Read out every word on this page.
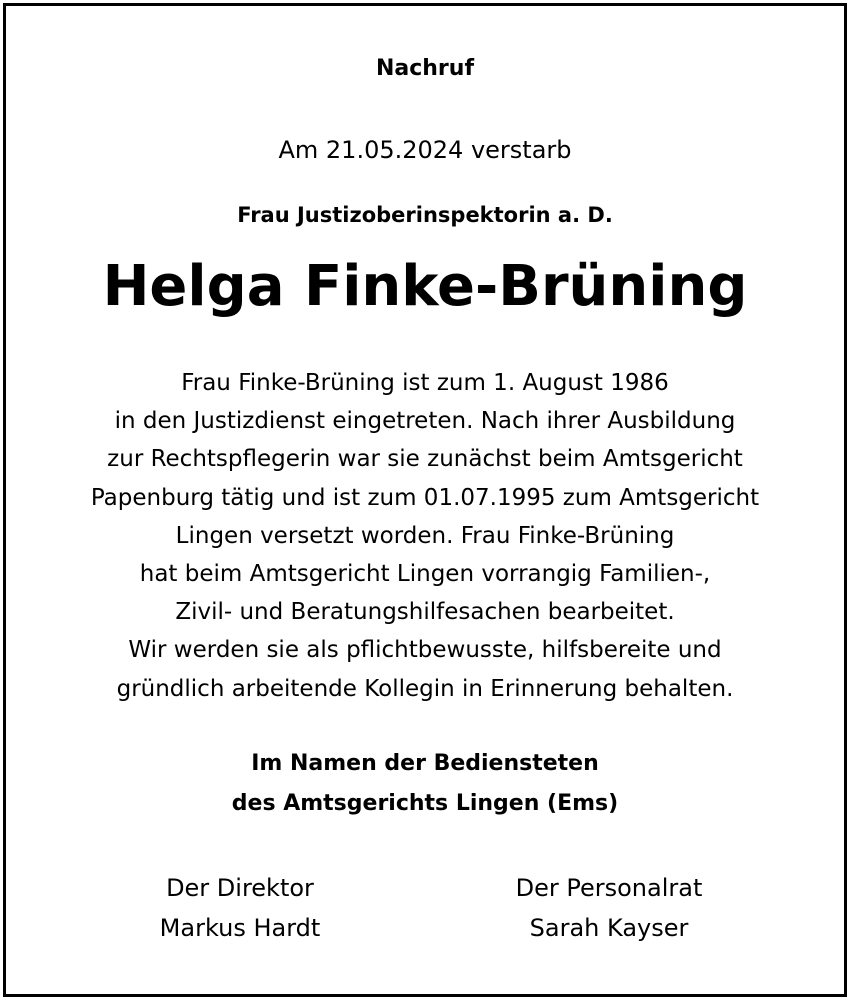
Nachruf
Am 21.05.2024 verstarb
Frau Justizoberinspektorin a. D.
Helga Finke-Brüning
Frau Finke-Brüning ist zum 1. August 1986
in den Justizdienst eingetreten. Nach ihrer Ausbildung
zur Rechtspflegerin war sie zunächst beim Amtsgericht
Papenburg tätig und ist zum 01.07.1995 zum Amtsgericht
Lingen versetzt worden. Frau Finke-Brüning
hat beim Amtsgericht Lingen vorrangig Familien-,
Zivil- und Beratungshilfesachen bearbeitet.
Wir werden sie als pflichtbewusste, hilfsbereite und
gründlich arbeitende Kollegin in Erinnerung behalten.
Im Namen der Bediensteten
des Amtsgerichts Lingen (Ems)
Der Direktor
Markus Hardt
Der Personalrat
Sarah Kayser
